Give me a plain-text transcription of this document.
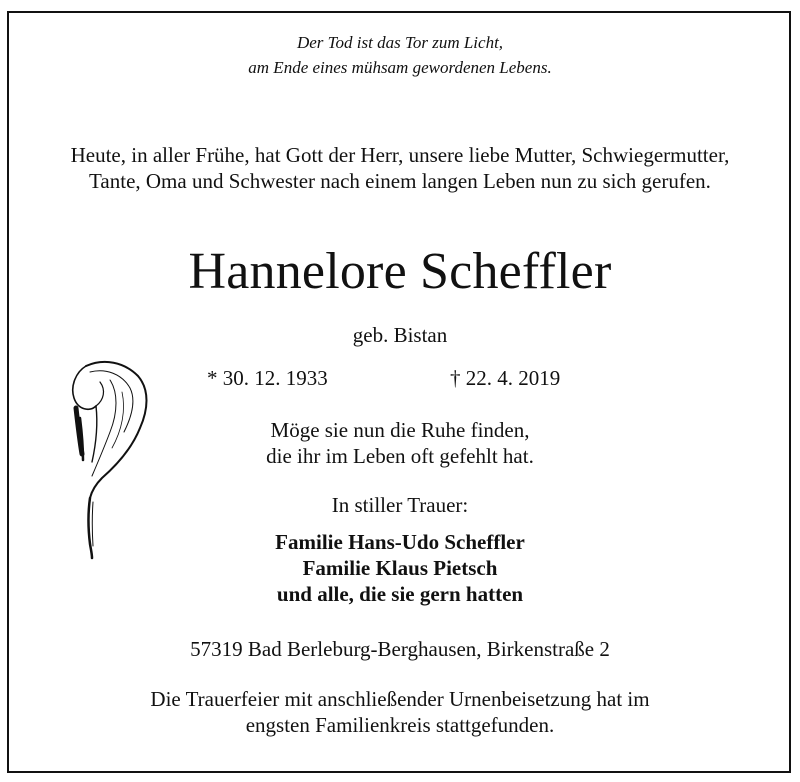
Der Tod ist das Tor zum Licht,
am Ende eines mühsam gewordenen Lebens.
Heute, in aller Frühe, hat Gott der Herr, unsere liebe Mutter, Schwiegermutter,
Tante, Oma und Schwester nach einem langen Leben nun zu sich gerufen.
Hannelore Scheffler
geb. Bistan
* 30. 12. 1933	† 22. 4. 2019
Möge sie nun die Ruhe finden,
die ihr im Leben oft gefehlt hat.
In stiller Trauer:
Familie Hans-Udo Scheffler
Familie Klaus Pietsch
und alle, die sie gern hatten
57319 Bad Berleburg-Berghausen, Birkenstraße 2
Die Trauerfeier mit anschließender Urnenbeisetzung hat im
engsten Familienkreis stattgefunden.
